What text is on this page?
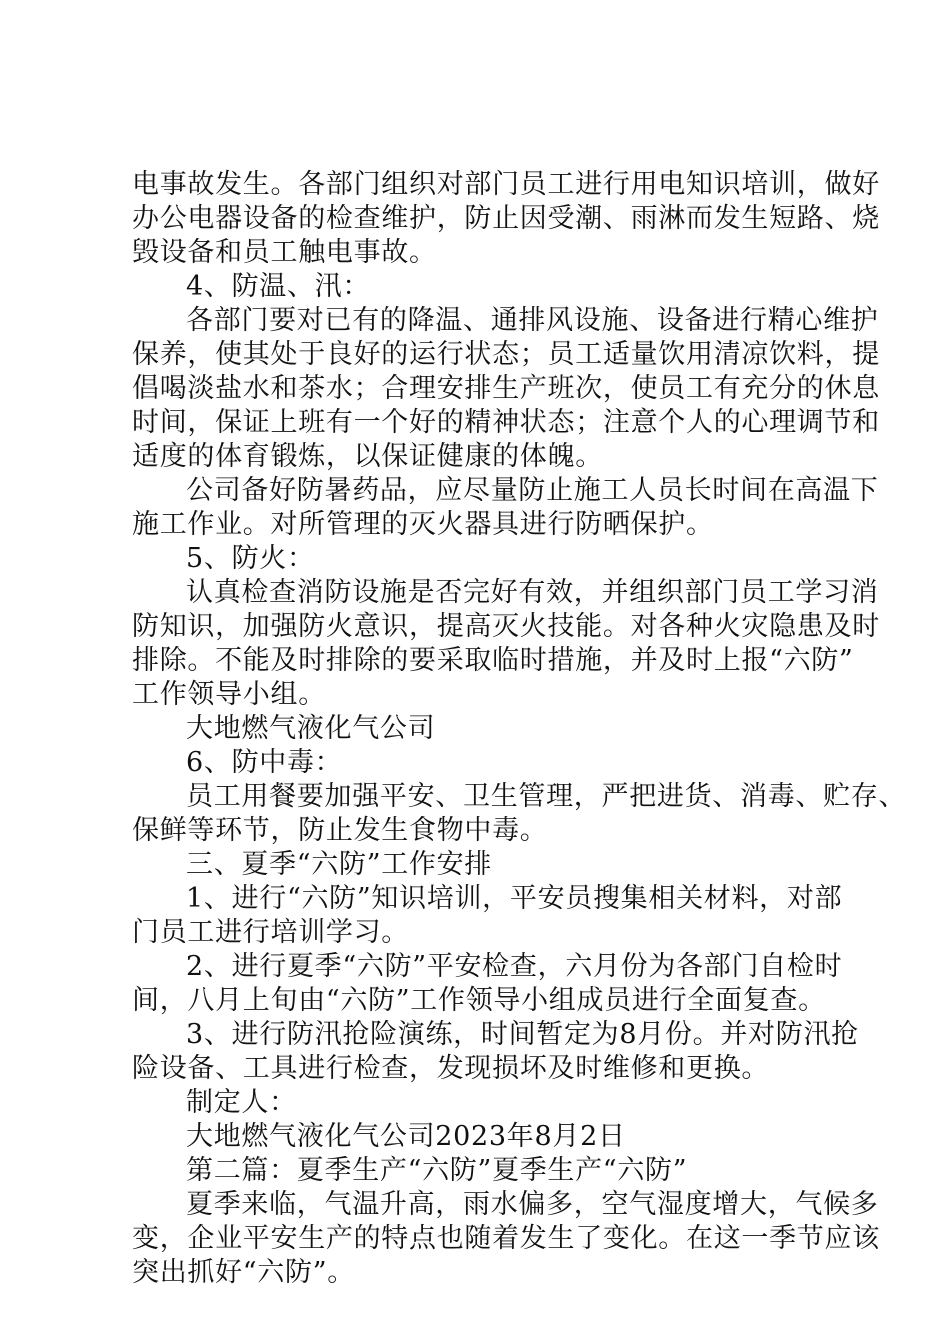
电事故发生。各部门组织对部门员工进行用电知识培训，做好

办公电器设备的检查维护，防止因受潮、雨淋而发生短路、烧

毁设备和员工触电事故。

4、防温、汛：

各部门要对已有的降温、通排风设施、设备进行精心维护

保养，使其处于良好的运行状态；员工适量饮用清凉饮料，提

倡喝淡盐水和茶水；合理安排生产班次，使员工有充分的休息

时间，保证上班有一个好的精神状态；注意个人的心理调节和

适度的体育锻炼，以保证健康的体魄。

公司备好防暑药品，应尽量防止施工人员长时间在高温下

施工作业。对所管理的灭火器具进行防晒保护。

5、防火：

认真检查消防设施是否完好有效，并组织部门员工学习消

防知识，加强防火意识，提高灭火技能。对各种火灾隐患及时

排除。不能及时排除的要采取临时措施，并及时上报“六防”

工作领导小组。

大地燃气液化气公司

6、防中毒：

员工用餐要加强平安、卫生管理，严把进货、消毒、贮存、

保鲜等环节，防止发生食物中毒。

三、夏季“六防”工作安排

1、进行“六防”知识培训，平安员搜集相关材料，对部

门员工进行培训学习。

2、进行夏季“六防”平安检查，六月份为各部门自检时

间，八月上旬由“六防”工作领导小组成员进行全面复查。

3、进行防汛抢险演练，时间暂定为8月份。并对防汛抢

险设备、工具进行检查，发现损坏及时维修和更换。

制定人：

大地燃气液化气公司2023年8月2日

第二篇：夏季生产“六防”夏季生产“六防”

夏季来临，气温升高，雨水偏多，空气湿度增大，气候多

变，企业平安生产的特点也随着发生了变化。在这一季节应该

突出抓好“六防”。
